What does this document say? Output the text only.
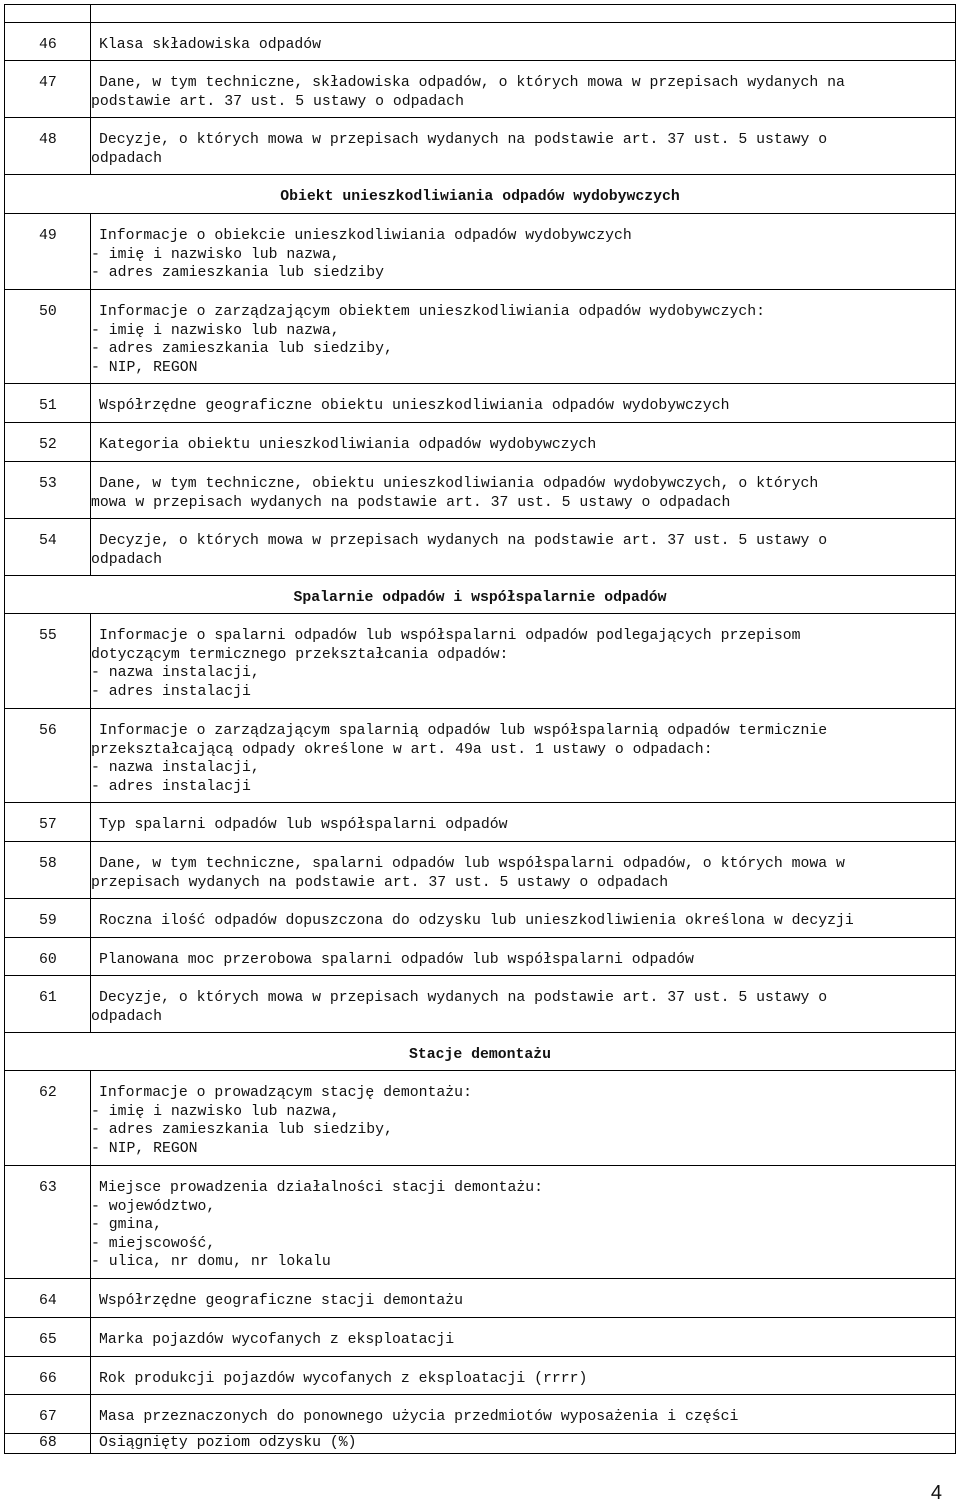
46	Klasa składowiska odpadów

47	Dane, w tym techniczne, składowiska odpadów, o których mowa w przepisach wydanych na
podstawie art. 37 ust. 5 ustawy o odpadach

48	Decyzje, o których mowa w przepisach wydanych na podstawie art. 37 ust. 5 ustawy o
odpadach

Obiekt unieszkodliwiania odpadów wydobywczych	
49	Informacje o obiekcie unieszkodliwiania odpadów wydobywczych
- imię i nazwisko lub nazwa,
- adres zamieszkania lub siedziby

50	Informacje o zarządzającym obiektem unieszkodliwiania odpadów wydobywczych:
- imię i nazwisko lub nazwa,
- adres zamieszkania lub siedziby,
- NIP, REGON

51	Współrzędne geograficzne obiektu unieszkodliwiania odpadów wydobywczych

52	Kategoria obiektu unieszkodliwiania odpadów wydobywczych

53	Dane, w tym techniczne, obiektu unieszkodliwiania odpadów wydobywczych, o których
mowa w przepisach wydanych na podstawie art. 37 ust. 5 ustawy o odpadach

54	Decyzje, o których mowa w przepisach wydanych na podstawie art. 37 ust. 5 ustawy o
odpadach

Spalarnie odpadów i współspalarnie odpadów	
55	Informacje o spalarni odpadów lub współspalarni odpadów podlegających przepisom
dotyczącym termicznego przekształcania odpadów:
- nazwa instalacji,
- adres instalacji

56	Informacje o zarządzającym spalarnią odpadów lub współspalarnią odpadów termicznie
przekształcającą odpady określone w art. 49a ust. 1 ustawy o odpadach:
- nazwa instalacji,
- adres instalacji

57	Typ spalarni odpadów lub współspalarni odpadów

58	Dane, w tym techniczne, spalarni odpadów lub współspalarni odpadów, o których mowa w
przepisach wydanych na podstawie art. 37 ust. 5 ustawy o odpadach

59	Roczna ilość odpadów dopuszczona do odzysku lub unieszkodliwienia określona w decyzji

60	Planowana moc przerobowa spalarni odpadów lub współspalarni odpadów

61	Decyzje, o których mowa w przepisach wydanych na podstawie art. 37 ust. 5 ustawy o
odpadach

Stacje demontażu	
62	Informacje o prowadzącym stację demontażu:
- imię i nazwisko lub nazwa,
- adres zamieszkania lub siedziby,
- NIP, REGON

63	Miejsce prowadzenia działalności stacji demontażu:
- województwo,
- gmina,
- miejscowość,
- ulica, nr domu, nr lokalu

64	Współrzędne geograficzne stacji demontażu

65	Marka pojazdów wycofanych z eksploatacji

66	Rok produkcji pojazdów wycofanych z eksploatacji (rrrr)

67	Masa przeznaczonych do ponownego użycia przedmiotów wyposażenia i części

68	Osiągnięty poziom odzysku (%)
4
